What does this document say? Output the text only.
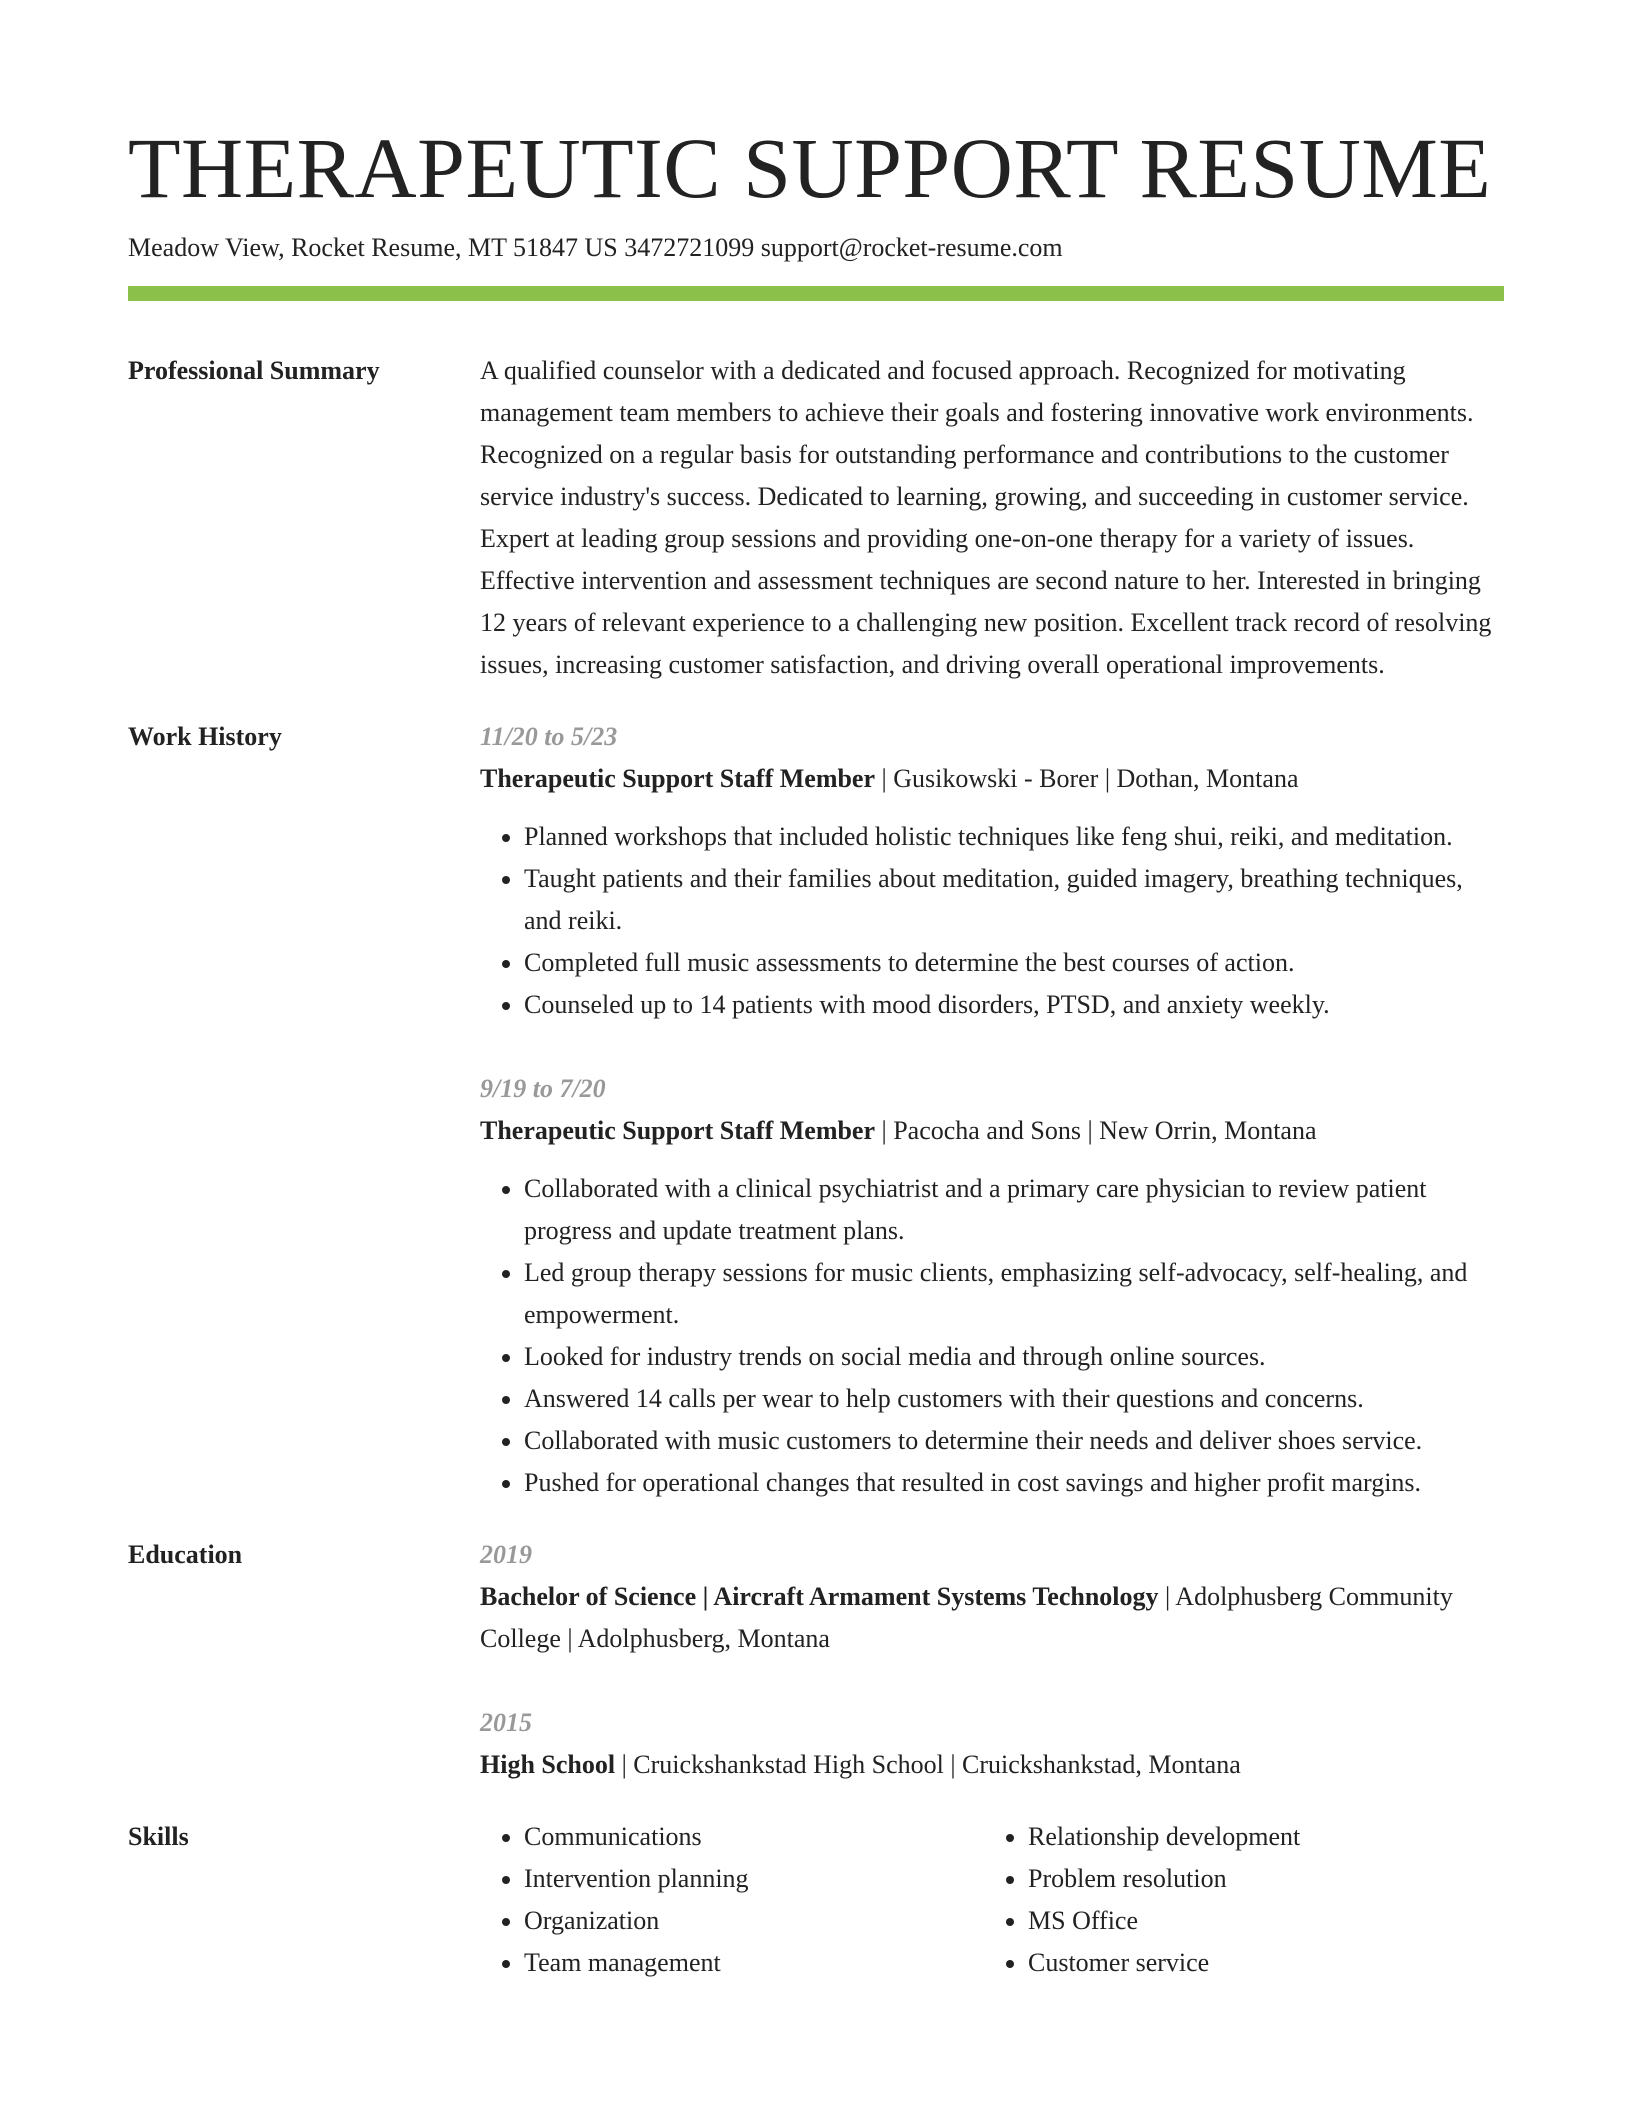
THERAPEUTIC SUPPORT RESUME
Meadow View, Rocket Resume, MT 51847 US 3472721099 support@rocket-resume.com
Professional Summary	A qualified counselor with a dedicated and focused approach. Recognized for motivating management team members to achieve their goals and fostering innovative work environments. Recognized on a regular basis for outstanding performance and contributions to the customer service industry's success. Dedicated to learning, growing, and succeeding in customer service. Expert at leading group sessions and providing one-on-one therapy for a variety of issues. Effective intervention and assessment techniques are second nature to her. Interested in bringing 12 years of relevant experience to a challenging new position. Excellent track record of resolving issues, increasing customer satisfaction, and driving overall operational improvements.

Work History	11/20 to 5/23
Therapeutic Support Staff Member | Gusikowski - Borer | Dothan, Montana
• Planned workshops that included holistic techniques like feng shui, reiki, and meditation.
• Taught patients and their families about meditation, guided imagery, breathing techniques, and reiki.
• Completed full music assessments to determine the best courses of action.
• Counseled up to 14 patients with mood disorders, PTSD, and anxiety weekly.
9/19 to 7/20
Therapeutic Support Staff Member | Pacocha and Sons | New Orrin, Montana
• Collaborated with a clinical psychiatrist and a primary care physician to review patient progress and update treatment plans.
• Led group therapy sessions for music clients, emphasizing self-advocacy, self-healing, and empowerment.
• Looked for industry trends on social media and through online sources.
• Answered 14 calls per wear to help customers with their questions and concerns.
• Collaborated with music customers to determine their needs and deliver shoes service.
• Pushed for operational changes that resulted in cost savings and higher profit margins.
Education	2019
Bachelor of Science | Aircraft Armament Systems Technology | Adolphusberg Community College | Adolphusberg, Montana
2015
High School | Cruickshankstad High School | Cruickshankstad, Montana
Skills
•	Communications
• Intervention planning
• Organization
• Team management
• Relationship development
• Problem resolution
• MS Office
• Customer service
